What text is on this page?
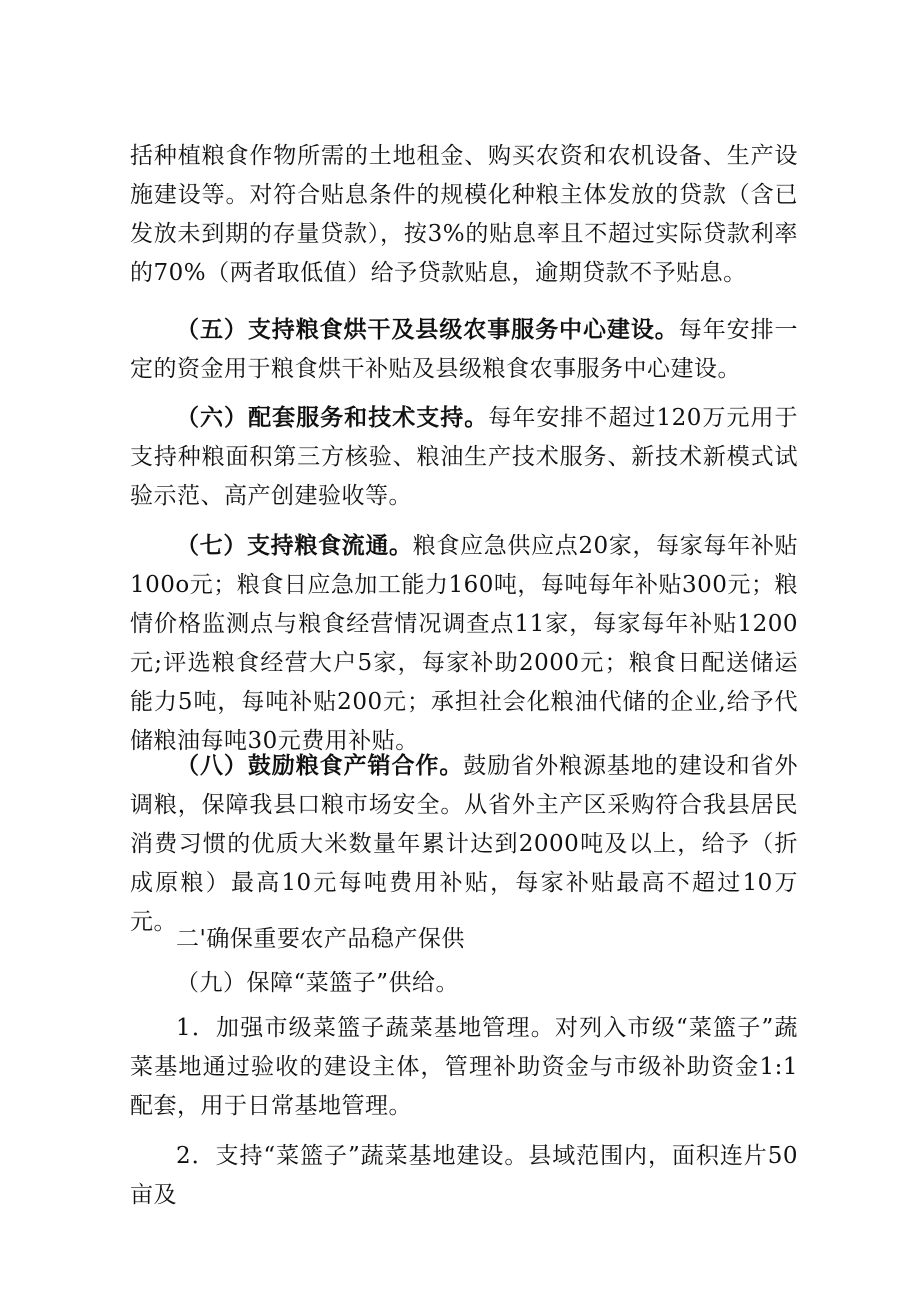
括种植粮食作物所需的土地租金、购买农资和农机设备、生产设施建设等。对符合贴息条件的规模化种粮主体发放的贷款（含已发放未到期的存量贷款），按3%的贴息率且不超过实际贷款利率的70%（两者取低值）给予贷款贴息，逾期贷款不予贴息。

（五）支持粮食烘干及县级农事服务中心建设。每年安排一定的资金用于粮食烘干补贴及县级粮食农事服务中心建设。

（六）配套服务和技术支持。每年安排不超过120万元用于支持种粮面积第三方核验、粮油生产技术服务、新技术新模式试验示范、高产创建验收等。

（七）支持粮食流通。粮食应急供应点20家，每家每年补贴100o元；粮食日应急加工能力160吨，每吨每年补贴300元；粮情价格监测点与粮食经营情况调查点11家，每家每年补贴1200元;评选粮食经营大户5家，每家补助2000元；粮食日配送储运能力5吨，每吨补贴200元；承担社会化粮油代储的企业,给予代储粮油每吨30元费用补贴。

（八）鼓励粮食产销合作。鼓励省外粮源基地的建设和省外调粮，保障我县口粮市场安全。从省外主产区采购符合我县居民消费习惯的优质大米数量年累计达到2000吨及以上，给予（折成原粮）最高10元每吨费用补贴，每家补贴最高不超过10万元。

二'确保重要农产品稳产保供

（九）保障“菜篮子”供给。

1．加强市级菜篮子蔬菜基地管理。对列入市级“菜篮子”蔬菜基地通过验收的建设主体，管理补助资金与市级补助资金1:1配套，用于日常基地管理。

2．支持“菜篮子”蔬菜基地建设。县域范围内，面积连片50亩及
